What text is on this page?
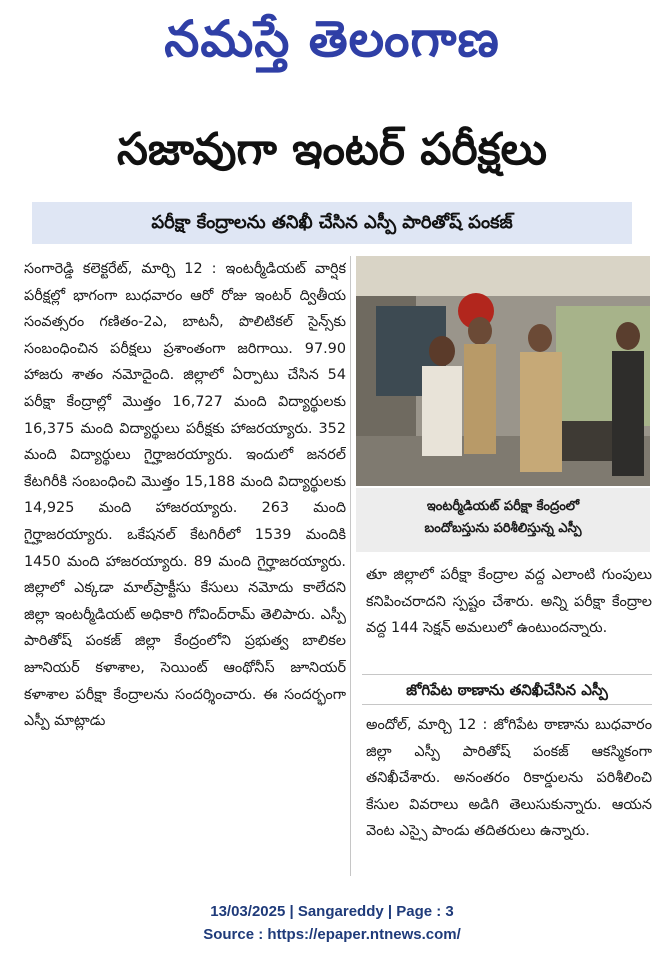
నమస్తే తెలంగాణ
సజావుగా ఇంటర్ పరీక్షలు
పరీక్షా కేంద్రాలను తనిఖీ చేసిన ఎస్పీ పారితోష్ పంకజ్

సంగారెడ్డి కలెక్టరేట్, మార్చి 12 : ఇంటర్మీడియట్ వార్షిక పరీక్షల్లో భాగంగా బుధవారం ఆరో రోజు ఇంటర్ ద్వితీయ సంవత్సరం గణితం-2ఎ, బాటనీ, పొలిటికల్ సైన్స్‌కు సంబంధించిన పరీక్షలు ప్రశాంతంగా జరిగాయి. 97.90 హాజరు శాతం నమోదైంది. జిల్లాలో ఏర్పాటు చేసిన 54 పరీక్షా కేంద్రాల్లో మొత్తం 16,727 మంది విద్యార్థులకు 16,375 మంది విద్యార్థులు పరీక్షకు హాజరయ్యారు. 352 మంది విద్యార్థులు గైర్హాజరయ్యారు. ఇందులో జనరల్ కేటగిరీకి సంబంధించి మొత్తం 15,188 మంది విద్యార్థులకు 14,925 మంది హాజరయ్యారు. 263 మంది గైర్హాజరయ్యారు. ఒకేషనల్ కేటగిరీలో 1539 మందికి 1450 మంది హాజరయ్యారు. 89 మంది గైర్హాజరయ్యారు. జిల్లాలో ఎక్కడా మాల్‌ప్రాక్టీసు కేసులు నమోదు కాలేదని జిల్లా ఇంటర్మీడియట్ అధికారి గోవింద్‌రామ్ తెలిపారు. ఎస్పీ పారితోష్ పంకజ్ జిల్లా కేంద్రంలోని ప్రభుత్వ బాలికల జూనియర్ కళాశాల, సెయింట్ ఆంథోనీస్ జూనియర్ కళాశాల పరీక్షా కేంద్రాలను సందర్శించారు. ఈ సందర్భంగా ఎస్పీ మాట్లాడు

ఇంటర్మీడియట్ పరీక్షా కేంద్రంలో
బందోబస్తును పరిశీలిస్తున్న ఎస్పీ

తూ జిల్లాలో పరీక్షా కేంద్రాల వద్ద ఎలాంటి గుంపులు కనిపించరాదని స్పష్టం చేశారు. అన్ని పరీక్షా కేంద్రాల వద్ద 144 సెక్షన్ అమలులో ఉంటుందన్నారు.

జోగిపేట ఠాణాను తనిఖీచేసిన ఎస్పీ

అందోల్, మార్చి 12 : జోగిపేట ఠాణాను బుధవారం జిల్లా ఎస్పీ పారితోష్ పంకజ్ ఆకస్మికంగా తనిఖీచేశారు. అనంతరం రికార్డులను పరిశీలించి కేసుల వివరాలు అడిగి తెలుసుకున్నారు. ఆయన వెంట ఎస్సై పాండు తదితరులు ఉన్నారు.

13/03/2025 | Sangareddy | Page : 3
Source : https://epaper.ntnews.com/
